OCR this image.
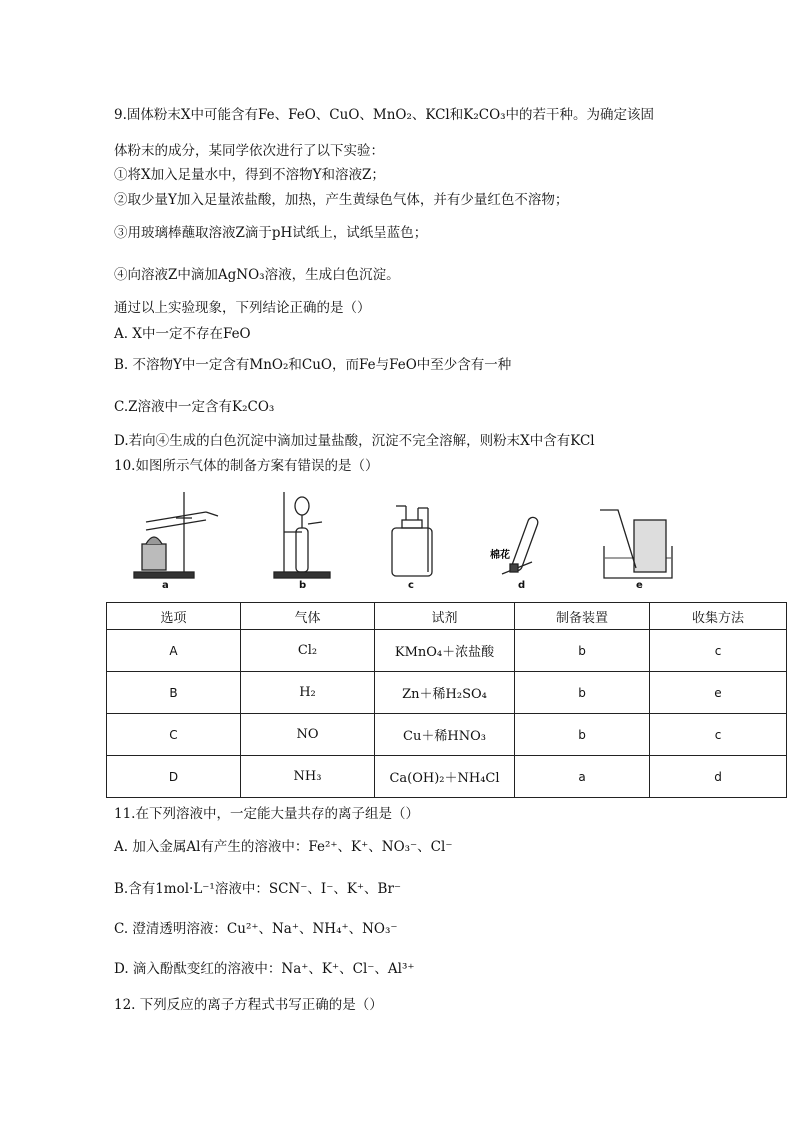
9.固体粉末X中可能含有Fe、FeO、CuO、MnO₂、KCl和K₂CO₃中的若干种。为确定该固
体粉末的成分，某同学依次进行了以下实验：
①将X加入足量水中，得到不溶物Y和溶液Z；
②取少量Y加入足量浓盐酸，加热，产生黄绿色气体，并有少量红色不溶物；
③用玻璃棒蘸取溶液Z滴于pH试纸上，试纸呈蓝色；
④向溶液Z中滴加AgNO₃溶液，生成白色沉淀。
通过以上实验现象，下列结论正确的是（）
A. X中一定不存在FeO
B. 不溶物Y中一定含有MnO₂和CuO，而Fe与FeO中至少含有一种
C.Z溶液中一定含有K₂CO₃
D.若向④生成的白色沉淀中滴加过量盐酸，沉淀不完全溶解，则粉末X中含有KCl
10.如图所示气体的制备方案有错误的是（）
棉花
a	b	c	d	e
选项	气体	试剂	制备装置	收集方法
A	Cl₂	KMnO₄＋浓盐酸	b	c
B	H₂	Zn＋稀H₂SO₄	b	e
C	NO	Cu＋稀HNO₃	b	c
D	NH₃	Ca(OH)₂＋NH₄Cl	a	d
11.在下列溶液中，一定能大量共存的离子组是（）
A. 加入金属Al有产生的溶液中：Fe²⁺、K⁺、NO₃⁻、Cl⁻
B.含有1mol·L⁻¹溶液中：SCN⁻、I⁻、K⁺、Br⁻
C. 澄清透明溶液：Cu²⁺、Na⁺、NH₄⁺、NO₃⁻
D. 滴入酚酞变红的溶液中：Na⁺、K⁺、Cl⁻、Al³⁺
12. 下列反应的离子方程式书写正确的是（）
